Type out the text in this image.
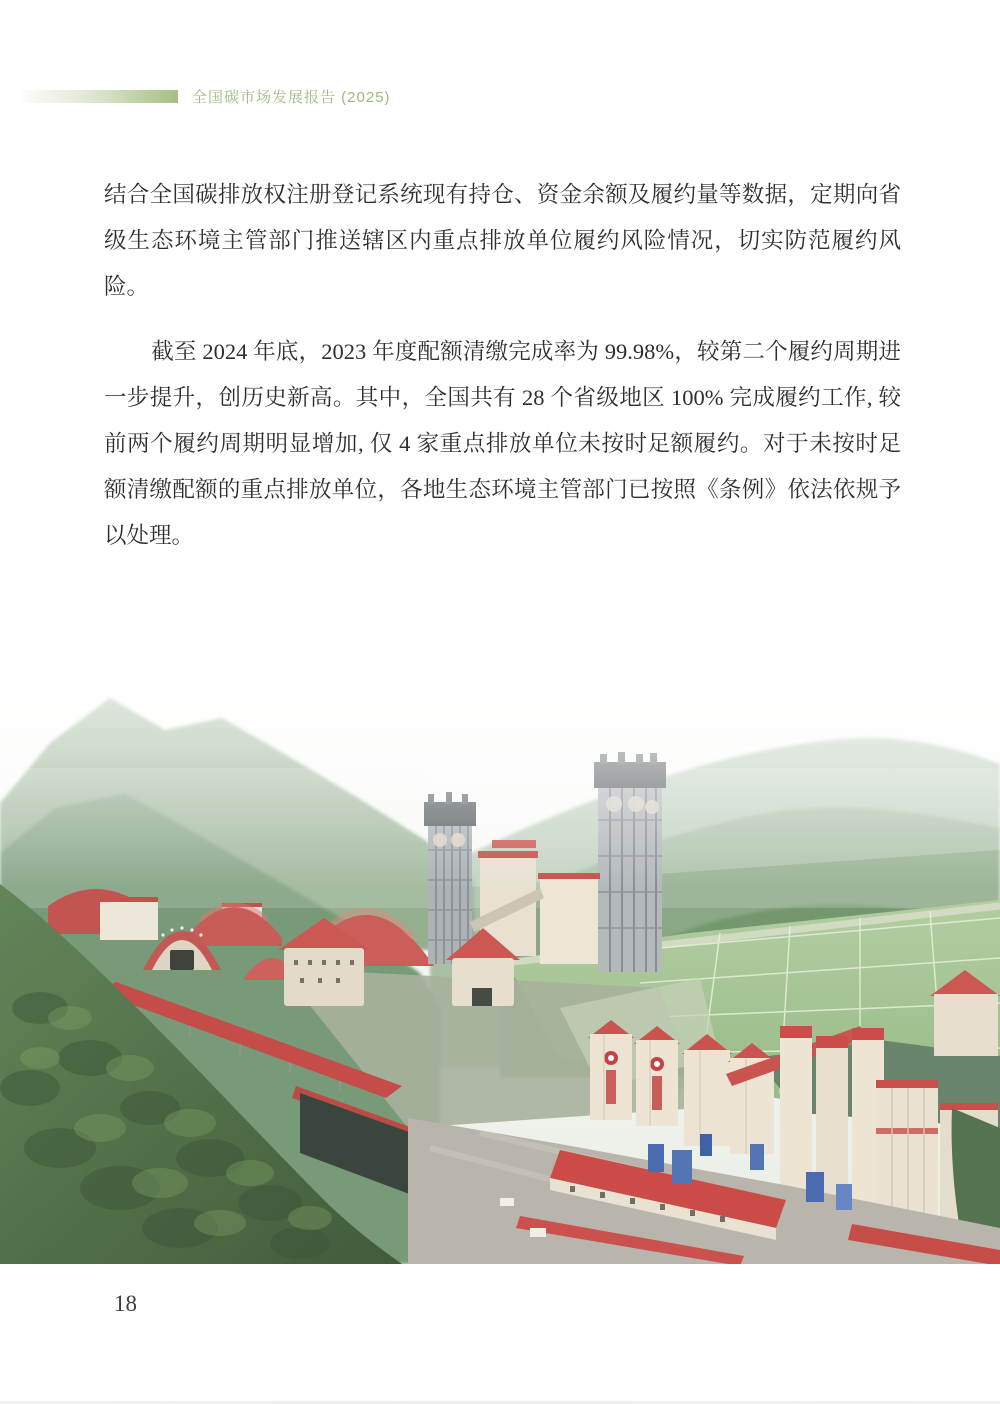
全国碳市场发展报告 (2025)

结合全国碳排放权注册登记系统现有持仓、资金余额及履约量等数据，定期向省级生态环境主管部门推送辖区内重点排放单位履约风险情况，切实防范履约风险。

截至 2024 年底，2023 年度配额清缴完成率为 99.98%，较第二个履约周期进一步提升，创历史新高。其中，全国共有 28 个省级地区 100% 完成履约工作, 较前两个履约周期明显增加, 仅 4 家重点排放单位未按时足额履约。对于未按时足额清缴配额的重点排放单位，各地生态环境主管部门已按照《条例》依法依规予以处理。

18
